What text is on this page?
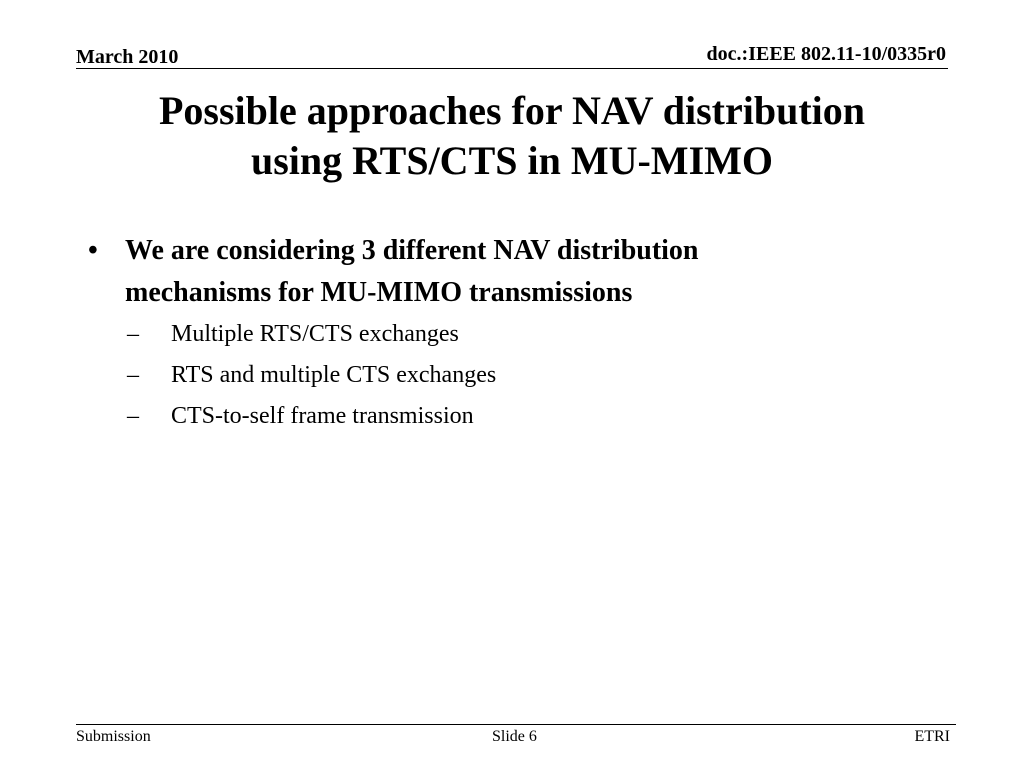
March 2010	doc.:IEEE 802.11-10/0335r0
Possible approaches for NAV distribution
using RTS/CTS in MU-MIMO
• We are considering 3 different NAV distribution
mechanisms for MU-MIMO transmissions
–	Multiple RTS/CTS exchanges
–	RTS and multiple CTS exchanges
–	CTS-to-self frame transmission
Submission	Slide 6	ETRI
